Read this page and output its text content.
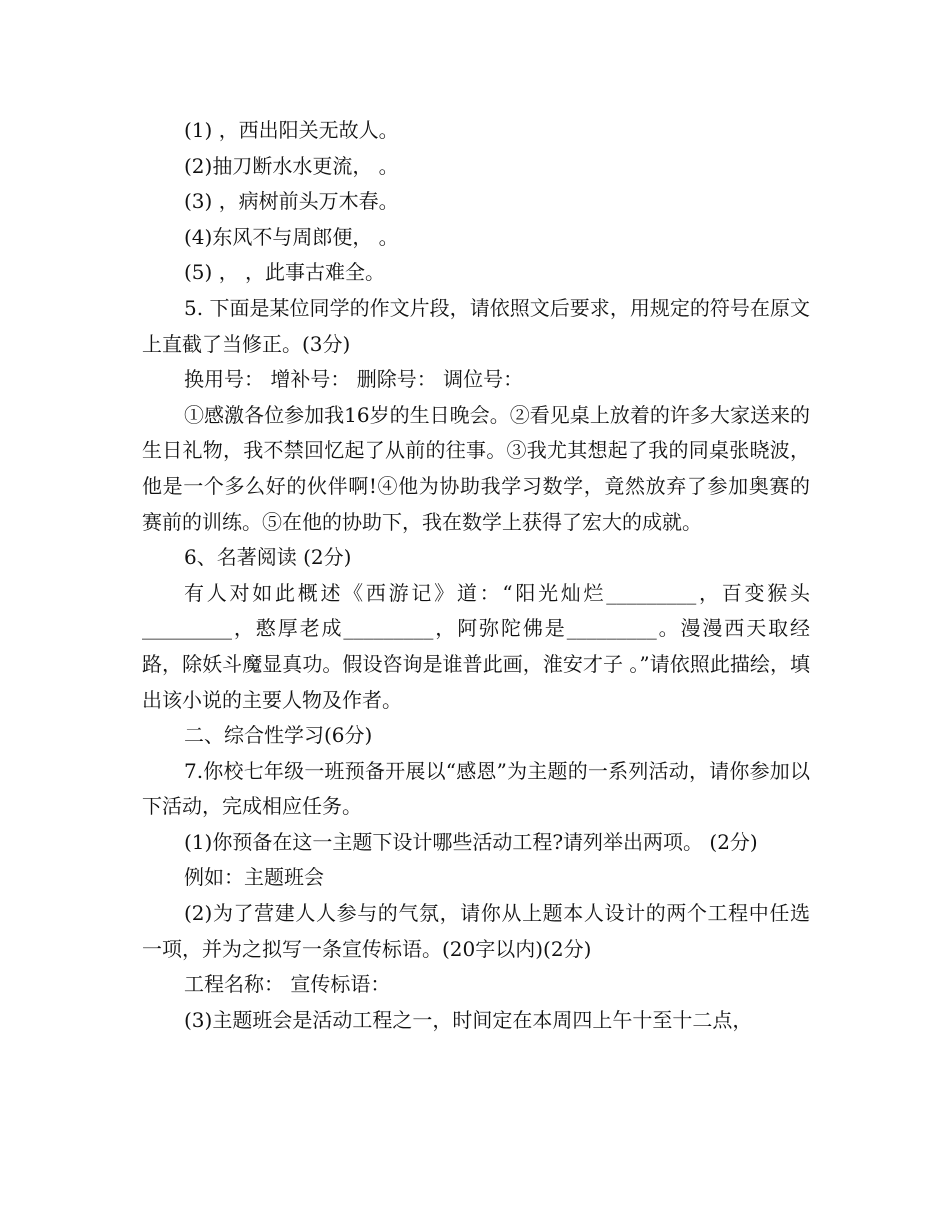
(1) ，西出阳关无故人。

(2)抽刀断水水更流， 。

(3) ，病树前头万木春。

(4)东风不与周郎便， 。

(5) ， ，此事古难全。

5. 下面是某位同学的作文片段，请依照文后要求，用规定的符号在原文上直截了当修正。(3分)

换用号： 增补号： 删除号： 调位号：

①感激各位参加我16岁的生日晚会。②看见桌上放着的许多大家送来的生日礼物，我不禁回忆起了从前的往事。③我尤其想起了我的同桌张晓波，他是一个多么好的伙伴啊!④他为协助我学习数学，竟然放弃了参加奥赛的赛前的训练。⑤在他的协助下，我在数学上获得了宏大的成就。

6、名著阅读 (2分)

有人对如此概述《西游记》道：“阳光灿烂_________，百变猴头_________，憨厚老成_________，阿弥陀佛是_________。漫漫西天取经路，除妖斗魔显真功。假设咨询是谁普此画，淮安才子 。”请依照此描绘，填出该小说的主要人物及作者。

二、综合性学习(6分)

7.你校七年级一班预备开展以“感恩”为主题的一系列活动，请你参加以下活动，完成相应任务。

(1)你预备在这一主题下设计哪些活动工程?请列举出两项。 (2分)

例如：主题班会

(2)为了营建人人参与的气氛，请你从上题本人设计的两个工程中任选一项，并为之拟写一条宣传标语。(20字以内)(2分)

工程名称： 宣传标语：

(3)主题班会是活动工程之一，时间定在本周四上午十至十二点，
